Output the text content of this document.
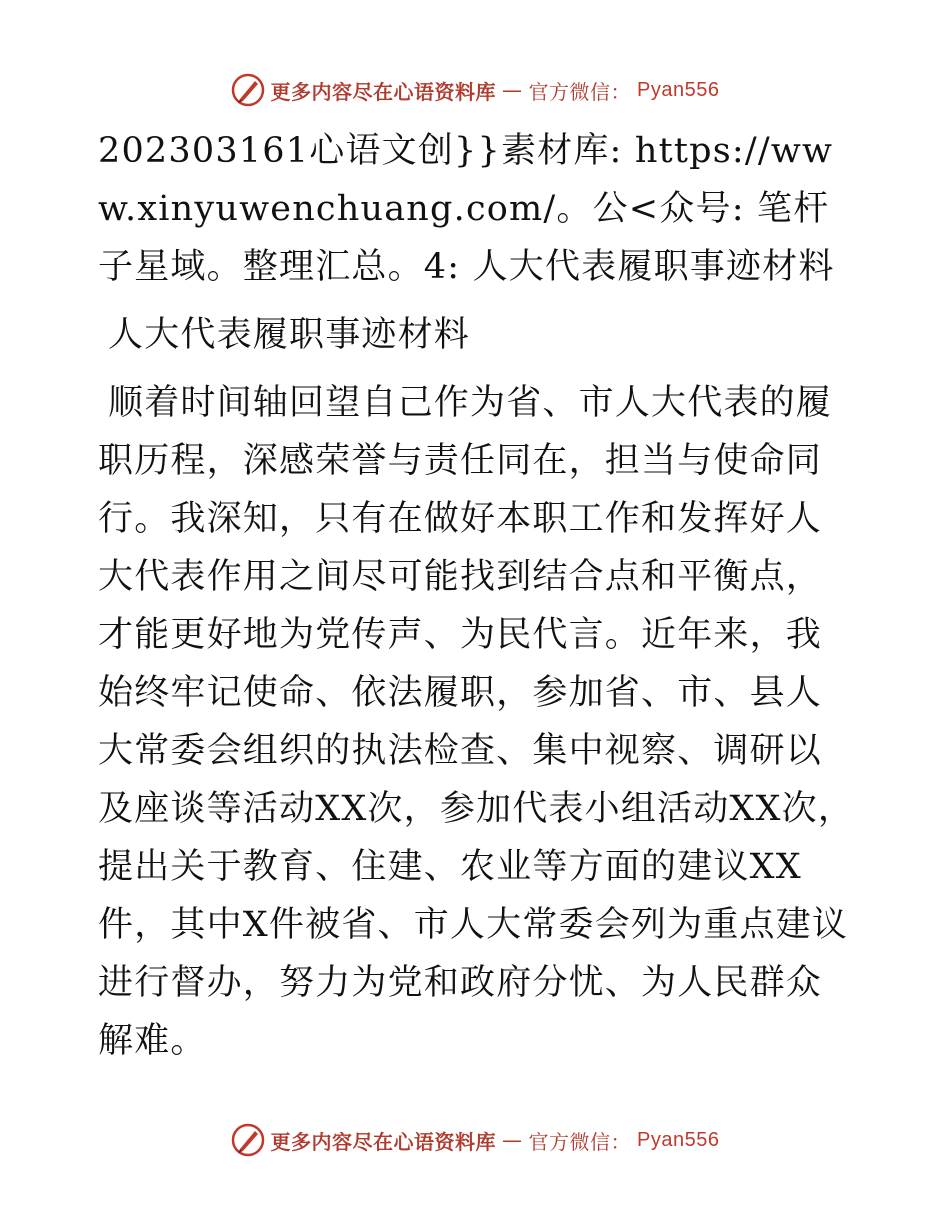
更多内容尽在心语资料库 — 官方微信： Pyan556

202303161心语文创}}素材库: https://www.xinyuwenchuang.com/。公<众号: 笔杆子星域。整理汇总。4: 人大代表履职事迹材料

人大代表履职事迹材料

顺着时间轴回望自己作为省、市人大代表的履职历程，深感荣誉与责任同在，担当与使命同行。我深知，只有在做好本职工作和发挥好人大代表作用之间尽可能找到结合点和平衡点，才能更好地为党传声、为民代言。近年来，我始终牢记使命、依法履职，参加省、市、县人大常委会组织的执法检查、集中视察、调研以及座谈等活动XX次，参加代表小组活动XX次，提出关于教育、住建、农业等方面的建议XX件，其中X件被省、市人大常委会列为重点建议进行督办，努力为党和政府分忧、为人民群众解难。

更多内容尽在心语资料库 — 官方微信： Pyan556
